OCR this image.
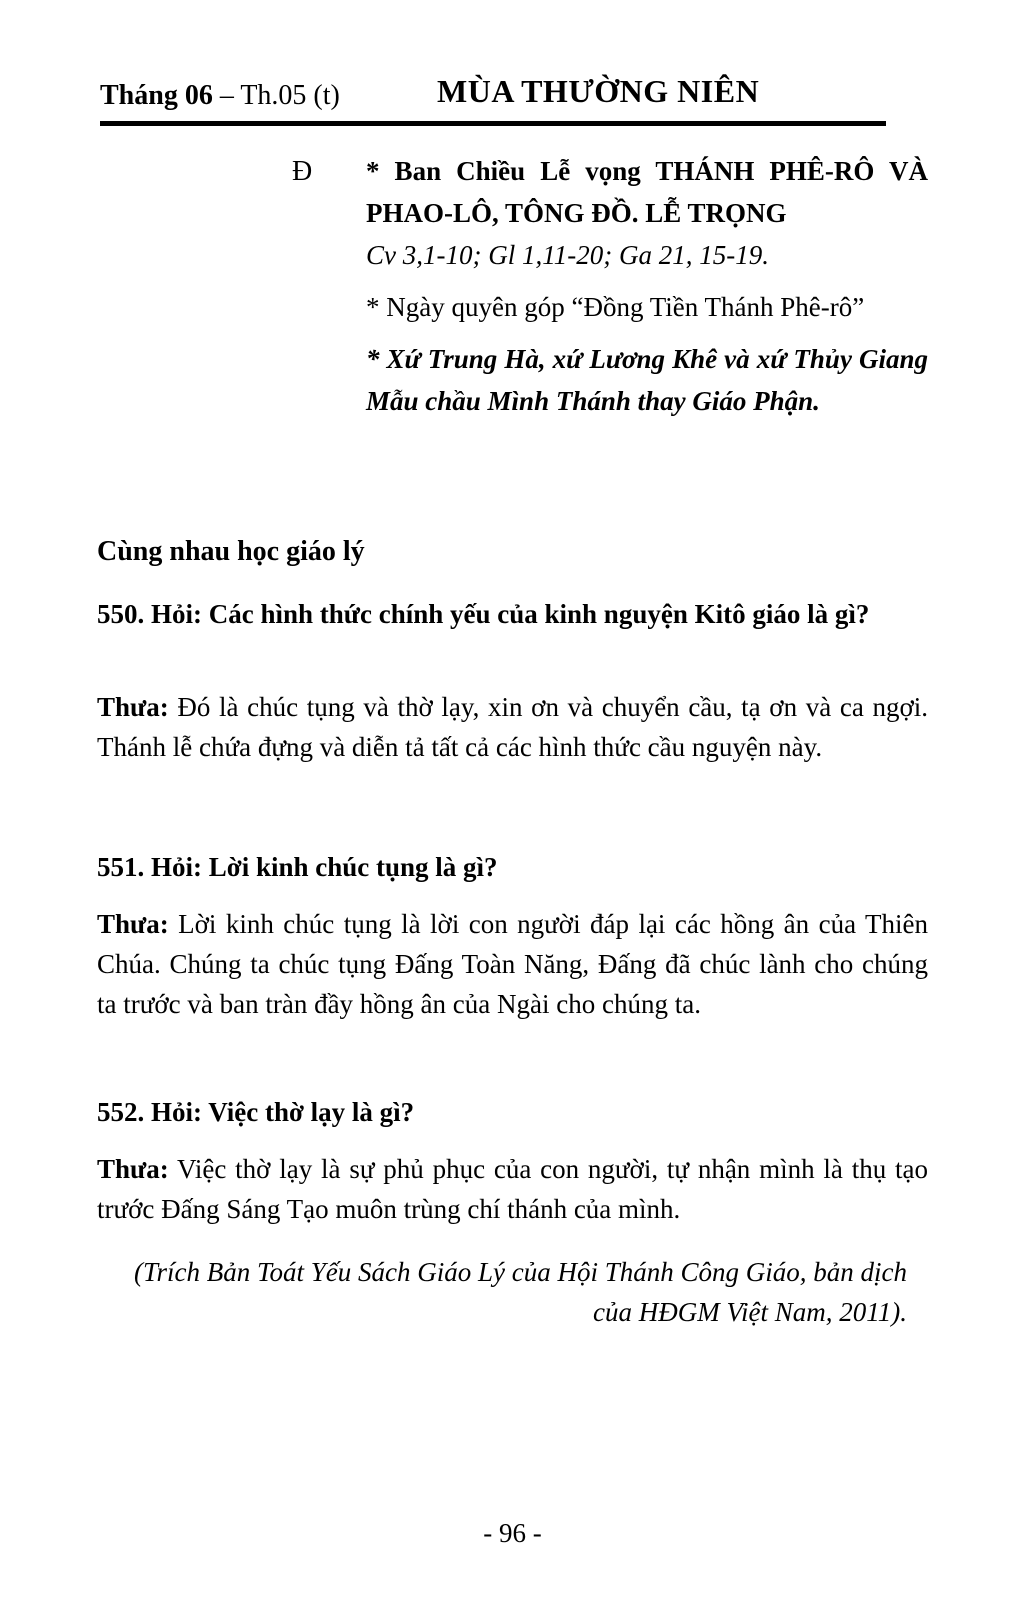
Tháng 06 – Th.05 (t)	MÙA THƯỜNG NIÊN
Đ * Ban Chiều Lễ vọng THÁNH PHÊ-RÔ VÀ PHAO-LÔ, TÔNG ĐỒ. LỄ TRỌNG
Cv 3,1-10; Gl 1,11-20; Ga 21, 15-19.
* Ngày quyên góp “Đồng Tiền Thánh Phê-rô”
* Xứ Trung Hà, xứ Lương Khê và xứ Thủy Giang Mẫu chầu Mình Thánh thay Giáo Phận.
Cùng nhau học giáo lý
550. Hỏi: Các hình thức chính yếu của kinh nguyện Kitô giáo là gì?
Thưa: Đó là chúc tụng và thờ lạy, xin ơn và chuyển cầu, tạ ơn và ca ngợi. Thánh lễ chứa đựng và diễn tả tất cả các hình thức cầu nguyện này.
551. Hỏi: Lời kinh chúc tụng là gì?
Thưa: Lời kinh chúc tụng là lời con người đáp lại các hồng ân của Thiên Chúa. Chúng ta chúc tụng Đấng Toàn Năng, Đấng đã chúc lành cho chúng ta trước và ban tràn đầy hồng ân của Ngài cho chúng ta.
552. Hỏi: Việc thờ lạy là gì?
Thưa: Việc thờ lạy là sự phủ phục của con người, tự nhận mình là thụ tạo trước Đấng Sáng Tạo muôn trùng chí thánh của mình.
(Trích Bản Toát Yếu Sách Giáo Lý của Hội Thánh Công Giáo, bản dịch của HĐGM Việt Nam, 2011).
- 96 -
